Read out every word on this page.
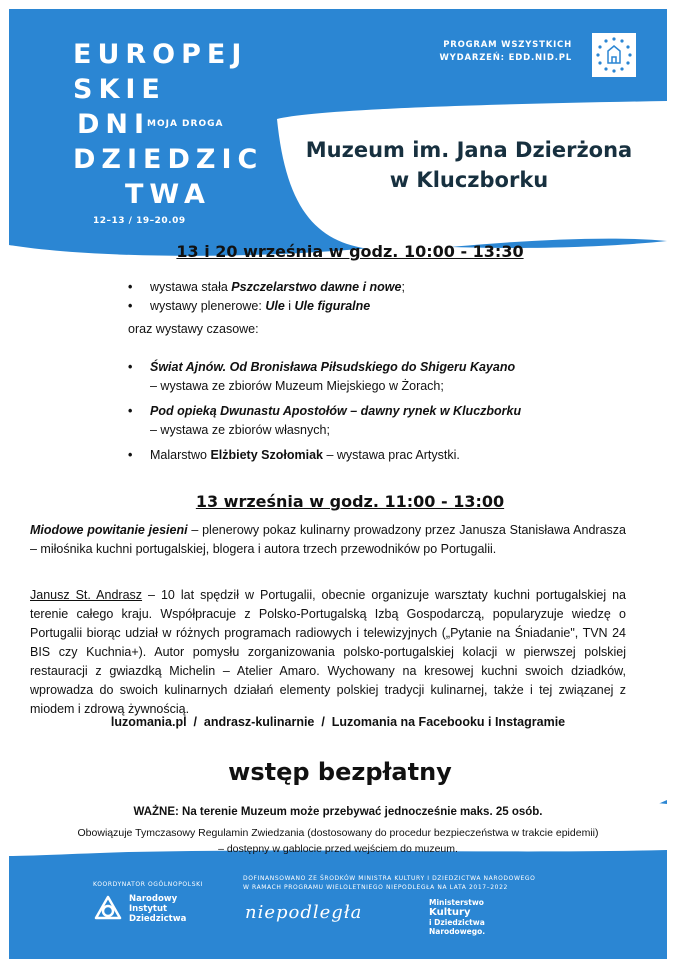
EUROPEJ
SKIE
DNI
DZIEDZIC
TWA
MOJA DROGA
12–13 / 19–20.09
PROGRAM WSZYSTKICH
WYDARZEŃ: EDD.NID.PL
Muzeum im. Jana Dzierżona
w Kluczborku
13 i 20 września w godz. 10:00 - 13:30
• wystawa stała Pszczelarstwo dawne i nowe;
• wystawy plenerowe: Ule i Ule figuralne
oraz wystawy czasowe:
• Świat Ajnów. Od Bronisława Piłsudskiego do Shigeru Kayano
– wystawa ze zbiorów Muzeum Miejskiego w Żorach;
• Pod opieką Dwunastu Apostołów – dawny rynek w Kluczborku
– wystawa ze zbiorów własnych;
• Malarstwo Elżbiety Szołomiak – wystawa prac Artystki.
13 września w godz. 11:00 - 13:00
Miodowe powitanie jesieni – plenerowy pokaz kulinarny prowadzony przez Janusza Stanisława Andrasza – miłośnika kuchni portugalskiej, blogera i autora trzech przewodników po Portugalii.
Janusz St. Andrasz – 10 lat spędził w Portugalii, obecnie organizuje warsztaty kuchni portugalskiej na terenie całego kraju. Współpracuje z Polsko-Portugalską Izbą Gospodarczą, popularyzuje wiedzę o Portugalii biorąc udział w różnych programach radiowych i telewizyjnych („Pytanie na Śniadanie", TVN 24 BIS czy Kuchnia+). Autor pomysłu zorganizowania polsko-portugalskiej kolacji w pierwszej polskiej restauracji z gwiazdką Michelin – Atelier Amaro. Wychowany na kresowej kuchni swoich dziadków, wprowadza do swoich kulinarnych działań elementy polskiej tradycji kulinarnej, także i tej związanej z miodem i zdrową żywnością.
luzomania.pl  /  andrasz-kulinarnie  /  Luzomania na Facebooku i Instagramie
wstęp bezpłatny
WAŻNE: Na terenie Muzeum może przebywać jednocześnie maks. 25 osób.
Obowiązuje Tymczasowy Regulamin Zwiedzania (dostosowany do procedur bezpieczeństwa w trakcie epidemii)
– dostępny w gablocie przed wejściem do muzeum.
KOORDYNATOR OGÓLNOPOLSKI
Narodowy
Instytut
Dziedzictwa
DOFINANSOWANO ZE ŚRODKÓW MINISTRA KULTURY I DZIEDZICTWA NARODOWEGO
W RAMACH PROGRAMU WIELOLETNIEGO NIEPODLEGŁA NA LATA 2017–2022
niepodległa	Ministerstwo
Kultury
i Dziedzictwa
Narodowego.
